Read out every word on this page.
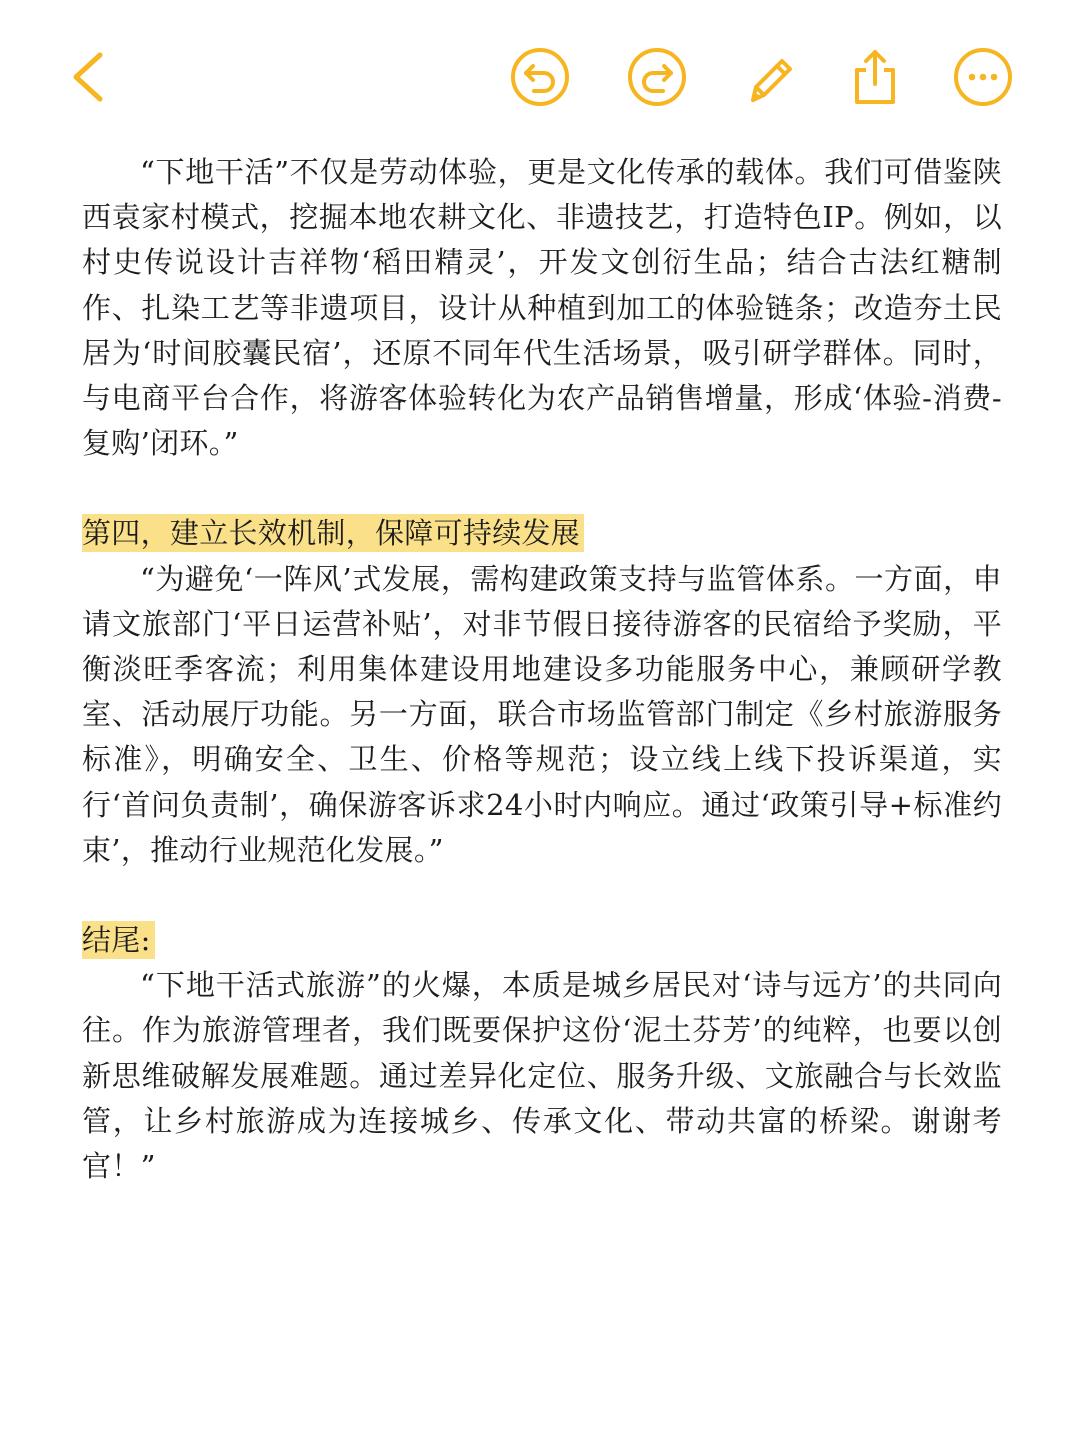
“下地干活”不仅是劳动体验，更是文化传承的载体。我们可借鉴陕西袁家村模式，挖掘本地农耕文化、非遗技艺，打造特色IP。例如，以村史传说设计吉祥物‘稻田精灵’，开发文创衍生品；结合古法红糖制作、扎染工艺等非遗项目，设计从种植到加工的体验链条；改造夯土民居为‘时间胶囊民宿’，还原不同年代生活场景，吸引研学群体。同时，与电商平台合作，将游客体验转化为农产品销售增量，形成‘体验-消费-复购’闭环。”

第四，建立长效机制，保障可持续发展

“为避免‘一阵风’式发展，需构建政策支持与监管体系。一方面，申请文旅部门‘平日运营补贴’，对非节假日接待游客的民宿给予奖励，平衡淡旺季客流；利用集体建设用地建设多功能服务中心，兼顾研学教室、活动展厅功能。另一方面，联合市场监管部门制定《乡村旅游服务标准》，明确安全、卫生、价格等规范；设立线上线下投诉渠道，实行‘首问负责制’，确保游客诉求24小时内响应。通过‘政策引导+标准约束’，推动行业规范化发展。”

结尾:

“下地干活式旅游”的火爆，本质是城乡居民对‘诗与远方’的共同向往。作为旅游管理者，我们既要保护这份‘泥土芬芳’的纯粹，也要以创新思维破解发展难题。通过差异化定位、服务升级、文旅融合与长效监管，让乡村旅游成为连接城乡、传承文化、带动共富的桥梁。谢谢考官！”
